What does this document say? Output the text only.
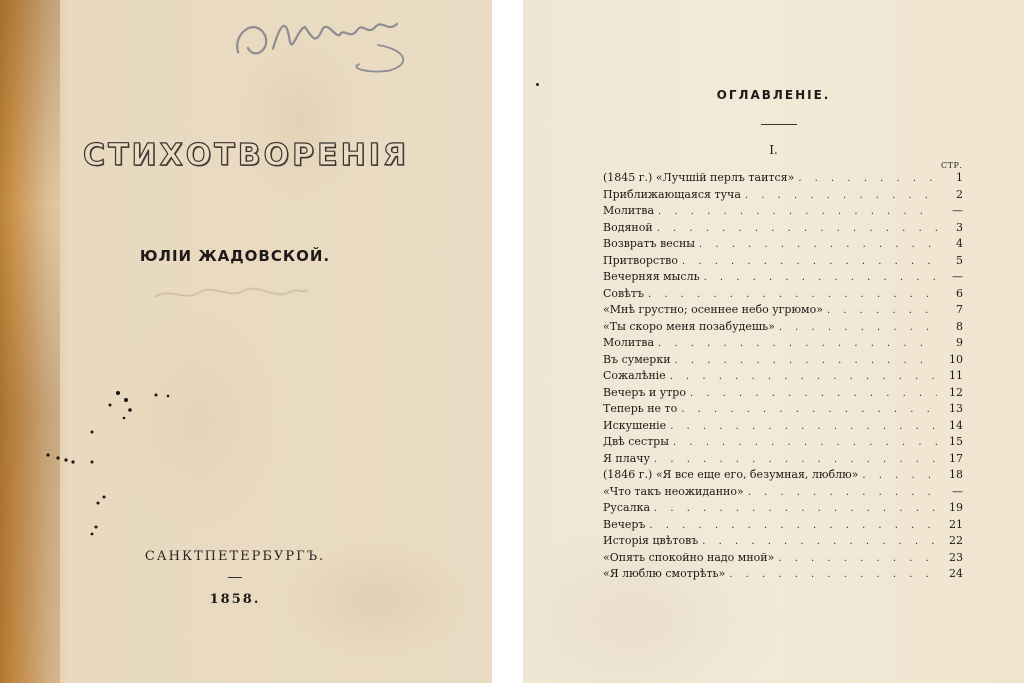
СТИХОТВОРЕНІЯ
ЮЛІИ ЖАДОВСКОЙ.
САНКТПЕТЕРБУРГЪ.
1858.
ОГЛАВЛЕНІЕ.
I.
СТР.
(1845 г.) «Лучшій перлъ таится» . . .	1
Приближающаяся туча . . .	2
Молитва . . .	—
Водяной . . .	3
Возвратъ весны . . .	4
Притворство . . .	5
Вечерняя мысль . . .	—
Совѣтъ . . .	6
«Мнѣ грустно; осеннее небо угрюмо» . . .	7
«Ты скоро меня позабудешь» . . .	8
Молитва . . .	9
Въ сумерки . . .	10
Сожалѣніе . . .	11
Вечеръ и утро . . .	12
Теперь не то . . .	13
Искушеніе . . .	14
Двѣ сестры . . .	15
Я плачу . . .	17
(1846 г.) «Я все еще его, безумная, люблю» . . .	18
«Что такъ неожиданно» . . .	—
Русалка . . .	19
Вечеръ . . .	21
Исторія цвѣтовъ . . .	22
«Опять спокойно надо мной» . . .	23
«Я люблю смотрѣть» . . .	24
